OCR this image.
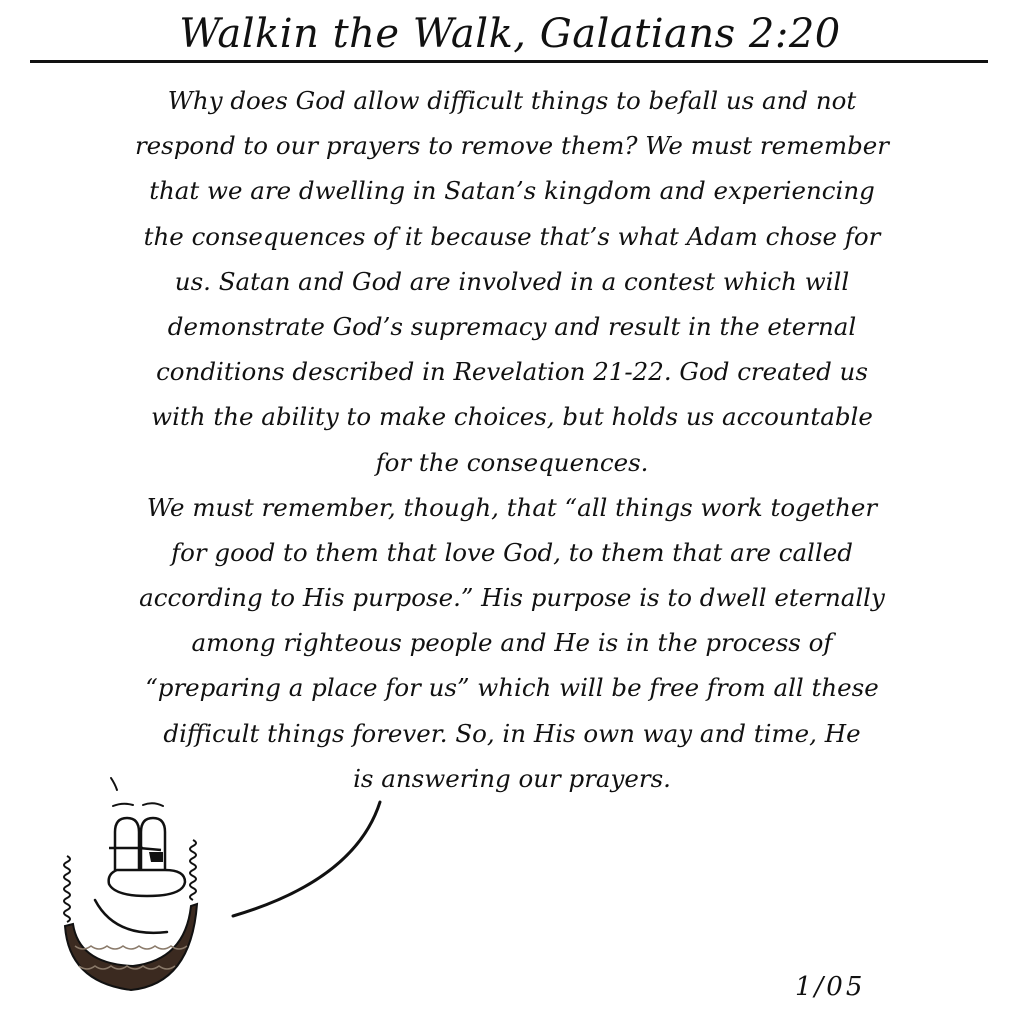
Walkin the Walk, Galatians 2:20
Why does God allow difficult things to befall us and not
respond to our prayers to remove them? We must remember
that we are dwelling in Satan’s kingdom and experiencing
the consequences of it because that’s what Adam chose for
us. Satan and God are involved in a contest which will
demonstrate God’s supremacy and result in the eternal
conditions described in Revelation 21-22. God created us
with the ability to make choices, but holds us accountable
for the consequences.
We must remember, though, that “all things work together
for good to them that love God, to them that are called
according to His purpose.” His purpose is to dwell eternally
among righteous people and He is in the process of
“preparing a place for us” which will be free from all these
difficult things forever. So, in His own way and time, He
is answering our prayers.
1/05
